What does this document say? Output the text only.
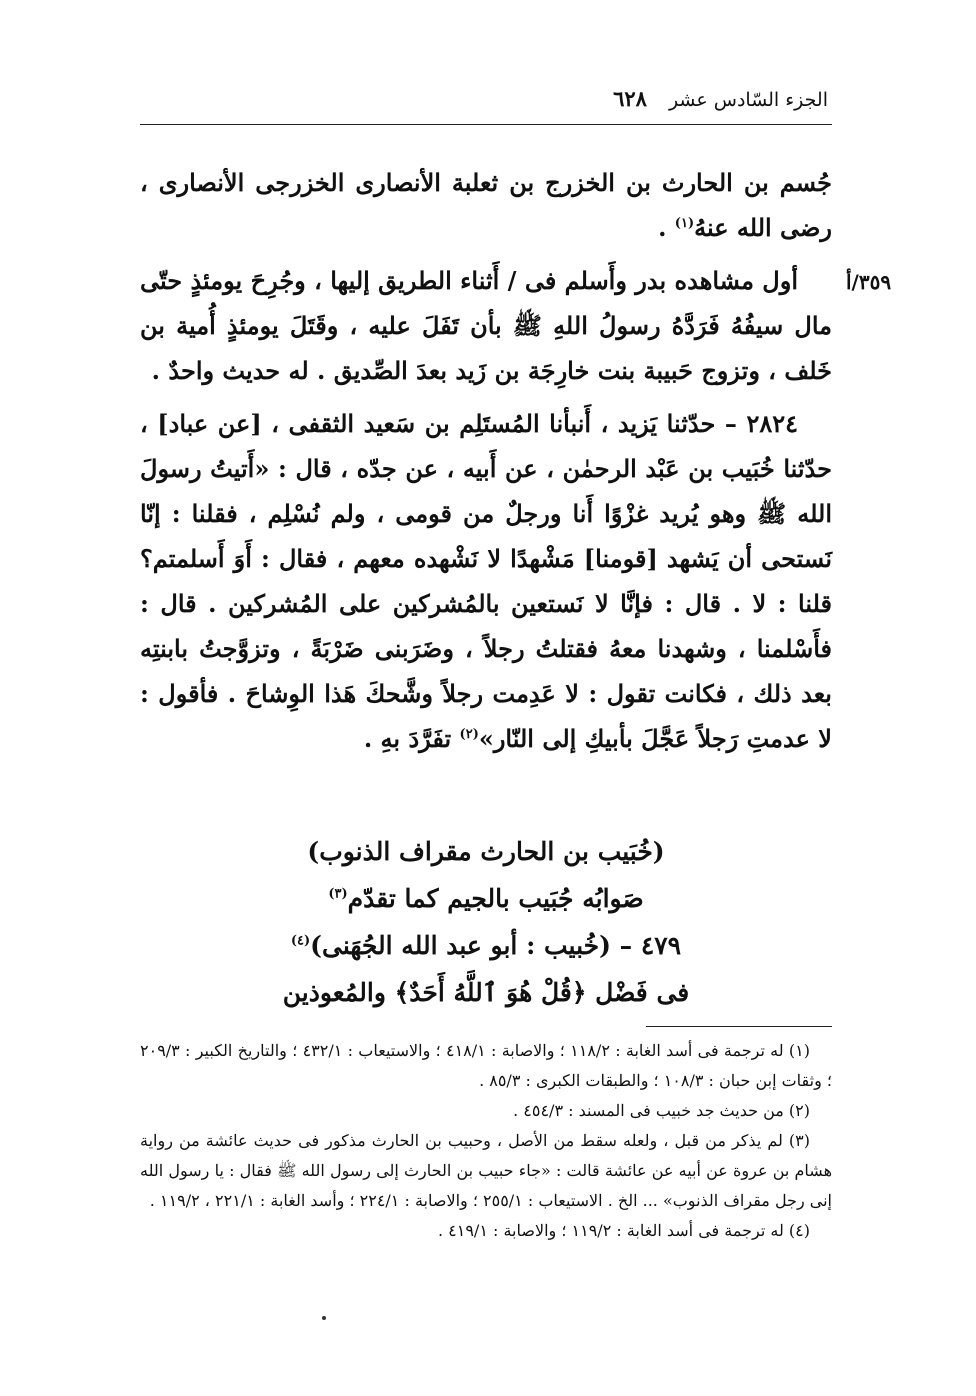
٦٢٨ الجزء السّادس عشر
٣٥٩/أ

جُسم بن الحارث بن الخزرج بن ثعلبة الأنصارى الخزرجى الأنصارى ، رضى الله عنهُ$^{(١)}$ .

أول مشاهده بدر وأَسلم فى / أَثناء الطريق إليها ، وجُرِحَ يومئذٍ حتّى مال سيفُهُ فَرَدَّهُ رسولُ اللهِ ﷺ بأن تَفَلَ عليه ، وقَتَلَ يومئذٍ أُمية بن خَلف ، وتزوج حَبيبة بنت خارِجَة بن زَيد بعدَ الصِّديق . له حديث واحدٌ .

٢٨٢٤ – حدّثنا يَزيد ، أَنبأنا المُستَلِم بن سَعيد الثقفى ، [عن عباد] ، حدّثنا خُبَيب بن عَبْد الرحمٰن ، عن أَبيه ، عن جدّه ، قال : «أَتيتُ رسولَ الله ﷺ وهو يُريد غزْوًا أَنا ورجلٌ من قومى ، ولم نُسْلِم ، فقلنا : إنّا نَستحى أن يَشهد [قومنا] مَشْهدًا لا نَشْهده معهم ، فقال : أَوَ أَسلمتم؟ قلنا : لا . قال : فإنَّا لا نَستعين بالمُشركين على المُشركين . قال : فأَسْلمنا ، وشهدنا معهُ فقتلتُ رجلاً ، وضَرَبنى ضَرْبَةً ، وتزوَّجتُ بابنتِه بعد ذلك ، فكانت تقول : لا عَدِمت رجلاً وشَّحكَ هَذا الوِشاحَ . فأقول : لا عدمتِ رَجلاً عَجَّلَ بأبيكِ إلى النّار»$^{(٢)}$ تفَرَّدَ بهِ .

(خُبَيب بن الحارث مقراف الذنوب)
صَوابُه جُبَيب بالجيم كما تقدّم$^{(٣)}$
٤٧٩ – (خُبيب : أبو عبد الله الجُهَنى)$^{(٤)}$
فى فَضْل ﴿قُلْ هُوَ ٱللَّهُ أَحَدٌ﴾ والمُعوذين

(١) له ترجمة فى أسد الغابة : ١١٨/٢ ؛ والاصابة : ٤١٨/١ ؛ والاستيعاب : ٤٣٢/١ ؛ والتاريخ الكبير : ٢٠٩/٣ ؛ وثقات إبن حبان : ١٠٨/٣ ؛ والطبقات الكبرى : ٨٥/٣ .

(٢) من حديث جد خبيب فى المسند : ٤٥٤/٣ .

(٣) لم يذكر من قبل ، ولعله سقط من الأصل ، وحبيب بن الحارث مذكور فى حديث عائشة من رواية هشام بن عروة عن أبيه عن عائشة قالت : «جاء حبيب بن الحارث إلى رسول الله ﷺ فقال : يا رسول الله إنى رجل مقراف الذنوب» ... الخ . الاستيعاب : ٢٥٥/١ ؛ والاصابة : ٢٢٤/١ ؛ وأسد الغابة : ٢٢١/١ ، ١١٩/٢ .

(٤) له ترجمة فى أسد الغابة : ١١٩/٢ ؛ والاصابة : ٤١٩/١ .
